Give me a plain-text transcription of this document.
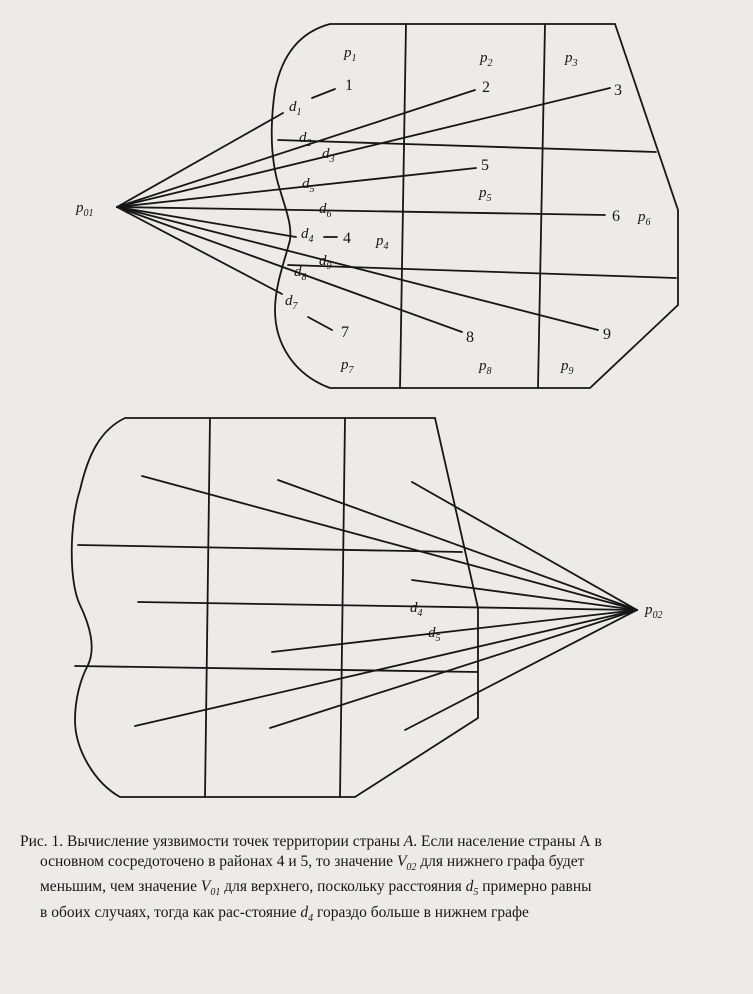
$p_{01}$
$p_1$	$p_2$	$p_3$
$p_4$
$p_5$
$p_6$
$p_7$	$p_8$	$p_9$
1	2	3
4
5
6
7	8	9
$d_1$
$d_2$
$d_3$
$d_5$
$d_6$
$d_4$
$d_9$
$d_8$
$d_7$
$p_{02}$
$d_4$
$d_5$
Рис. 1. Вычисление уязвимости точек территории страны А. Если население страны А в
основном сосредоточено в районах 4 и 5, то значение $V_{02}$ для нижнего графа будет
меньшим, чем значение $V_{01}$ для верхнего, поскольку расстояния $d_5$ примерно равны
в обоих случаях, тогда как рас-стояние $d_4$ гораздо больше в нижнем графе
